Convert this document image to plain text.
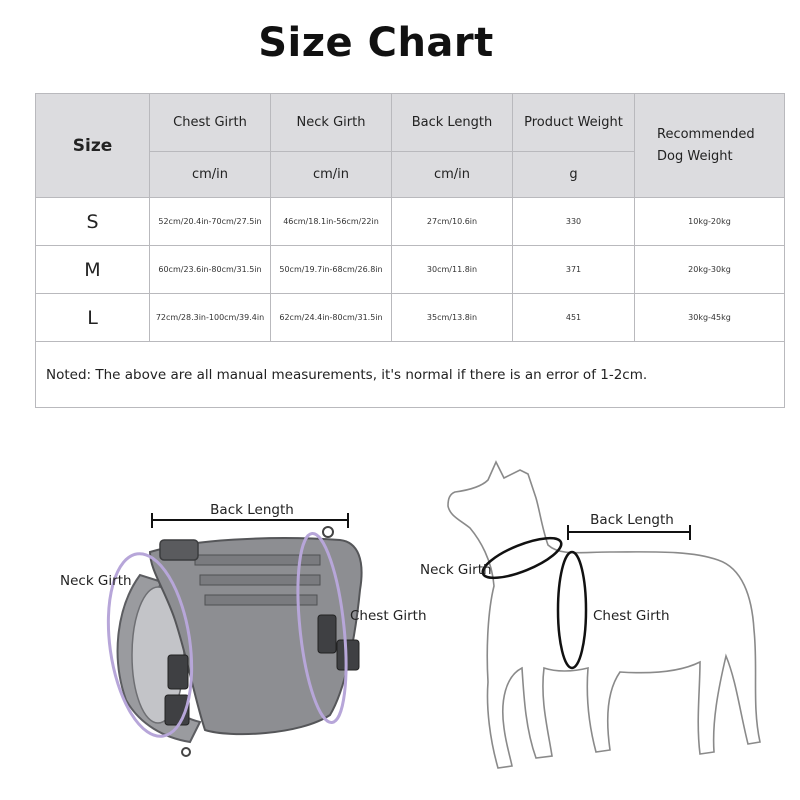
Size Chart
Size	Chest Girth	Neck Girth	Back Length	Product Weight	Recommended
Dog Weight

	cm/in	cm/in	cm/in	g	
S	52cm/20.4in-70cm/27.5in	46cm/18.1in-56cm/22in	27cm/10.6in	330	10kg-20kg
M	60cm/23.6in-80cm/31.5in	50cm/19.7in-68cm/26.8in	30cm/11.8in	371	20kg-30kg
L	72cm/28.3in-100cm/39.4in	62cm/24.4in-80cm/31.5in	35cm/13.8in	451	30kg-45kg
Noted: The above are all manual measurements, it's normal if there is an error of 1-2cm.					
Back Length
Neck Girth
Chest Girth
Back Length
Neck Girth
Chest Girth
